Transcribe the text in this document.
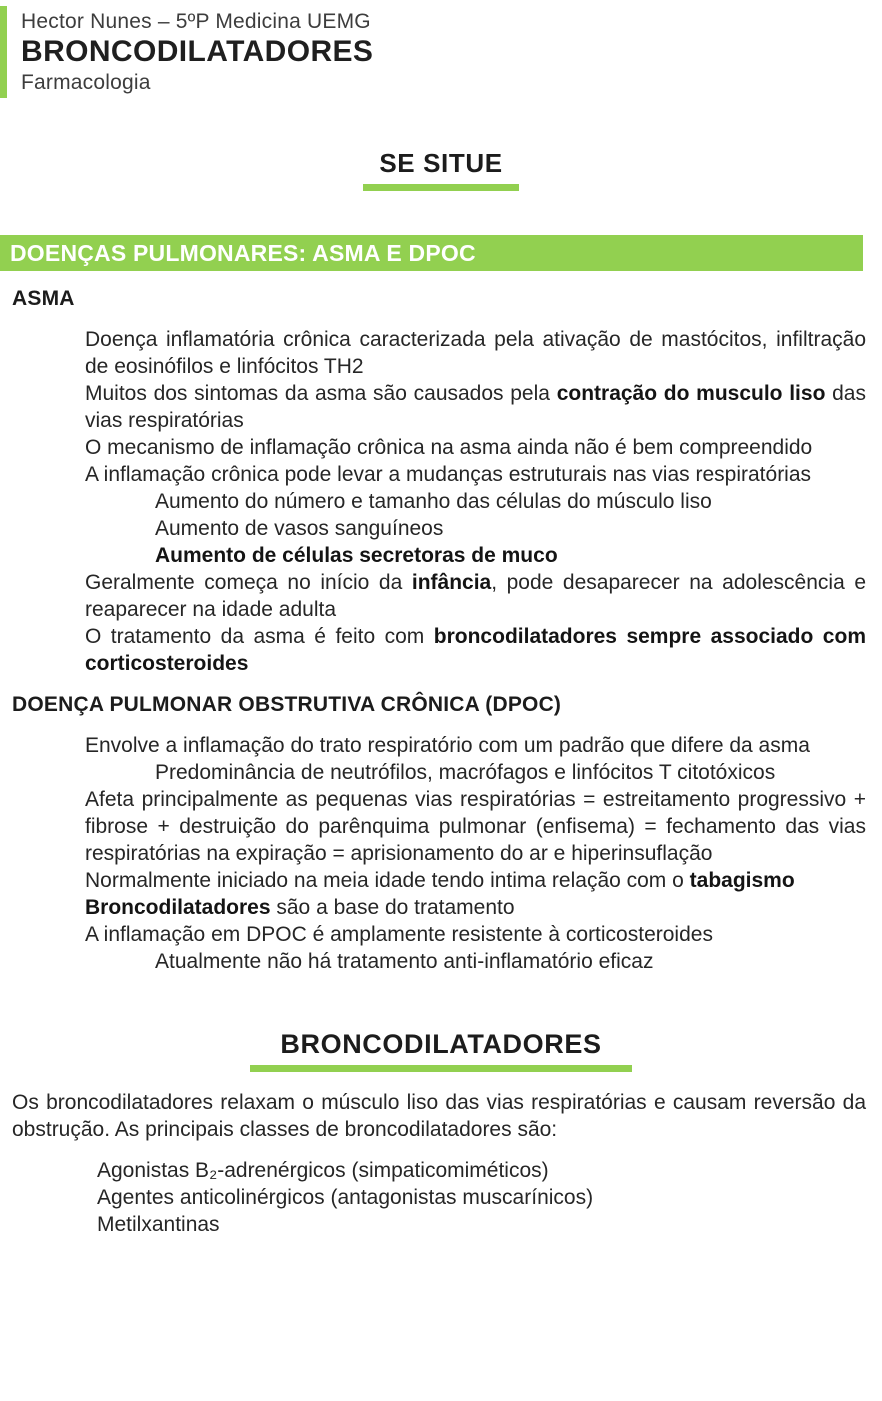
Hector Nunes – 5ºP Medicina UEMG
BRONCODILATADORES
Farmacologia
SE SITUE
DOENÇAS PULMONARES: ASMA E DPOC
ASMA

Doença inflamatória crônica caracterizada pela ativação de mastócitos, infiltração de eosinófilos e linfócitos TH2

Muitos dos sintomas da asma são causados pela contração do musculo liso das vias respiratórias

O mecanismo de inflamação crônica na asma ainda não é bem compreendido

A inflamação crônica pode levar a mudanças estruturais nas vias respiratórias

Aumento do número e tamanho das células do músculo liso

Aumento de vasos sanguíneos

Aumento de células secretoras de muco

Geralmente começa no início da infância, pode desaparecer na adolescência e reaparecer na idade adulta

O tratamento da asma é feito com broncodilatadores sempre associado com corticosteroides

DOENÇA PULMONAR OBSTRUTIVA CRÔNICA (DPOC)

Envolve a inflamação do trato respiratório com um padrão que difere da asma

Predominância de neutrófilos, macrófagos e linfócitos T citotóxicos

Afeta principalmente as pequenas vias respiratórias = estreitamento progressivo + fibrose + destruição do parênquima pulmonar (enfisema) = fechamento das vias respiratórias na expiração = aprisionamento do ar e hiperinsuflação

Normalmente iniciado na meia idade tendo intima relação com o tabagismo

Broncodilatadores são a base do tratamento

A inflamação em DPOC é amplamente resistente à corticosteroides

Atualmente não há tratamento anti-inflamatório eficaz

BRONCODILATADORES

Os broncodilatadores relaxam o músculo liso das vias respiratórias e causam reversão da obstrução. As principais classes de broncodilatadores são:

Agonistas B₂-adrenérgicos (simpaticomiméticos)
Agentes anticolinérgicos (antagonistas muscarínicos)
Metilxantinas
